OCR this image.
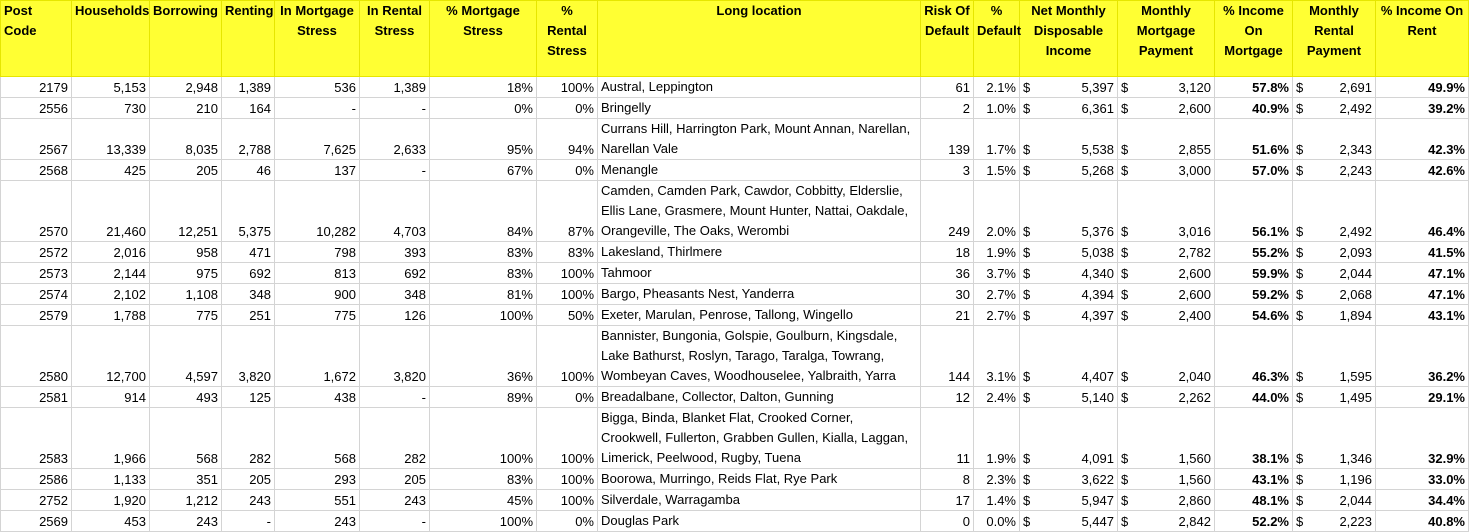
Post Code	Households	Borrowing	Renting	In Mortgage Stress	In Rental Stress	% Mortgage Stress	% Rental Stress	Long location	Risk Of Default	% Default	Net Monthly Disposable Income	Monthly Mortgage Payment	% Income On Mortgage	Monthly Rental Payment	% Income On Rent
2179	5,153	2,948	1,389	536	1,389	18%	100%	Austral, Leppington	61	2.1%	$ 5,397	$ 3,120	57.8%	$ 2,691	49.9%
2556	730	210	164	-	-	0%	0%	Bringelly	2	1.0%	$ 6,361	$ 2,600	40.9%	$ 2,492	39.2%
2567	13,339	8,035	2,788	7,625	2,633	95%	94%	Currans Hill, Harrington Park, Mount Annan, Narellan, Narellan Vale	139	1.7%	$ 5,538	$ 2,855	51.6%	$ 2,343	42.3%
2568	425	205	46	137	-	67%	0%	Menangle	3	1.5%	$ 5,268	$ 3,000	57.0%	$ 2,243	42.6%
2570	21,460	12,251	5,375	10,282	4,703	84%	87%	Camden, Camden Park, Cawdor, Cobbitty, Elderslie, Ellis Lane, Grasmere, Mount Hunter, Nattai, Oakdale, Orangeville, The Oaks, Werombi	249	2.0%	$ 5,376	$ 3,016	56.1%	$ 2,492	46.4%
2572	2,016	958	471	798	393	83%	83%	Lakesland, Thirlmere	18	1.9%	$ 5,038	$ 2,782	55.2%	$ 2,093	41.5%
2573	2,144	975	692	813	692	83%	100%	Tahmoor	36	3.7%	$ 4,340	$ 2,600	59.9%	$ 2,044	47.1%
2574	2,102	1,108	348	900	348	81%	100%	Bargo, Pheasants Nest, Yanderra	30	2.7%	$ 4,394	$ 2,600	59.2%	$ 2,068	47.1%
2579	1,788	775	251	775	126	100%	50%	Exeter, Marulan, Penrose, Tallong, Wingello	21	2.7%	$ 4,397	$ 2,400	54.6%	$ 1,894	43.1%
2580	12,700	4,597	3,820	1,672	3,820	36%	100%	Bannister, Bungonia, Golspie, Goulburn, Kingsdale, Lake Bathurst, Roslyn, Tarago, Taralga, Towrang, Wombeyan Caves, Woodhouselee, Yalbraith, Yarra	144	3.1%	$ 4,407	$ 2,040	46.3%	$ 1,595	36.2%
2581	914	493	125	438	-	89%	0%	Breadalbane, Collector, Dalton, Gunning	12	2.4%	$ 5,140	$ 2,262	44.0%	$ 1,495	29.1%
2583	1,966	568	282	568	282	100%	100%	Bigga, Binda, Blanket Flat, Crooked Corner, Crookwell, Fullerton, Grabben Gullen, Kialla, Laggan, Limerick, Peelwood, Rugby, Tuena	11	1.9%	$ 4,091	$ 1,560	38.1%	$ 1,346	32.9%
2586	1,133	351	205	293	205	83%	100%	Boorowa, Murringo, Reids Flat, Rye Park	8	2.3%	$ 3,622	$ 1,560	43.1%	$ 1,196	33.0%
2752	1,920	1,212	243	551	243	45%	100%	Silverdale, Warragamba	17	1.4%	$ 5,947	$ 2,860	48.1%	$ 2,044	34.4%
2569	453	243	-	243	-	100%	0%	Douglas Park	0	0.0%	$ 5,447	$ 2,842	52.2%	$ 2,223	40.8%
